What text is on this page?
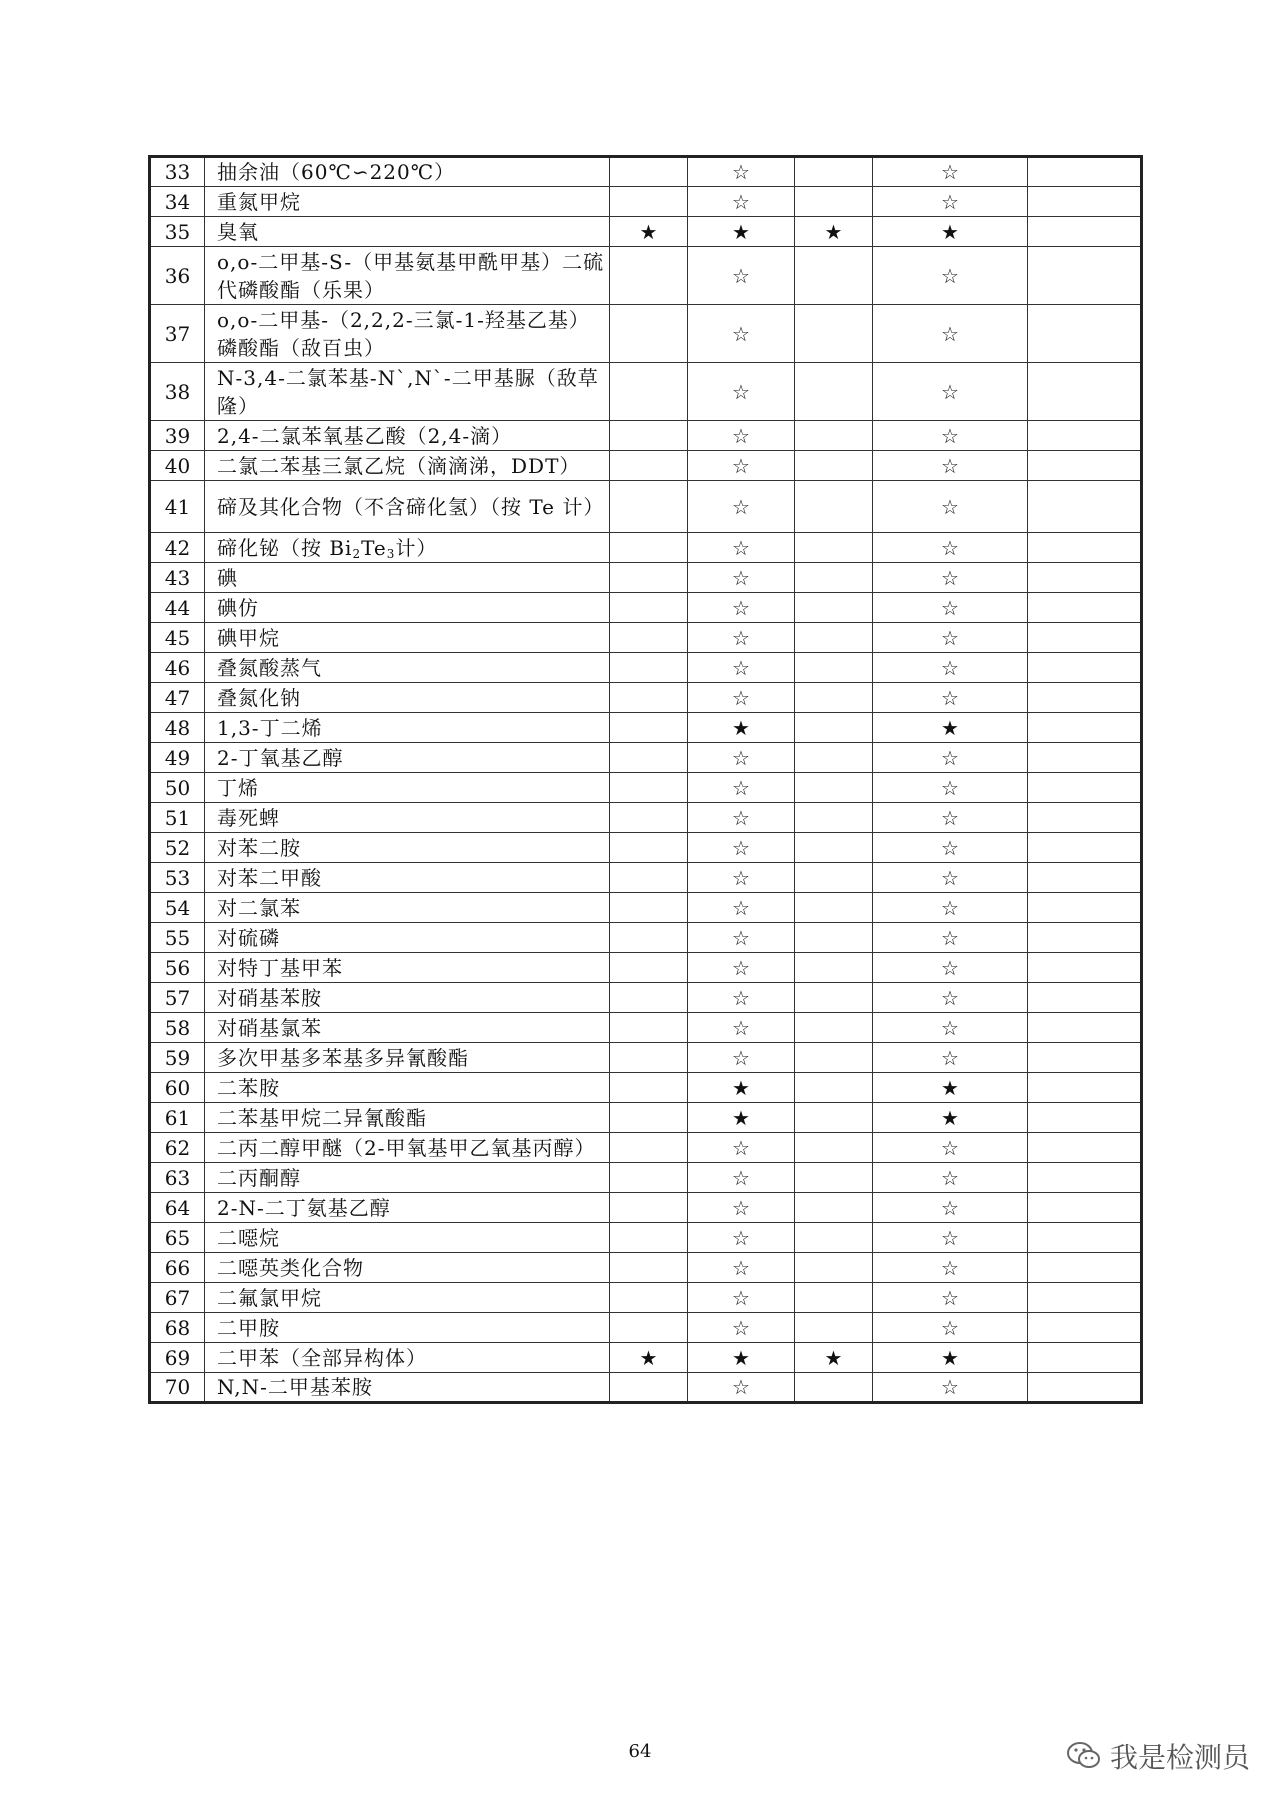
33	抽余油（60℃∽220℃）		☆		☆	
34	重氮甲烷		☆		☆	
35	臭氧	★	★	★	★	
36	o,o-二甲基-S-（甲基氨基甲酰甲基）二硫代磷酸酯（乐果）		☆		☆	
37	o,o-二甲基-（2,2,2-三氯-1-羟基乙基）磷酸酯（敌百虫）		☆		☆	
38	N-3,4-二氯苯基-N`,N`-二甲基脲（敌草隆）		☆		☆	
39	2,4-二氯苯氧基乙酸（2,4-滴）		☆		☆	
40	二氯二苯基三氯乙烷（滴滴涕，DDT）		☆		☆	
41	碲及其化合物（不含碲化氢）（按 Te 计）		☆		☆	
42	碲化铋（按 $Bi_2Te_3$计）		☆		☆	
43	碘		☆		☆	
44	碘仿		☆		☆	
45	碘甲烷		☆		☆	
46	叠氮酸蒸气		☆		☆	
47	叠氮化钠		☆		☆	
48	1,3-丁二烯		★		★	
49	2-丁氧基乙醇		☆		☆	
50	丁烯		☆		☆	
51	毒死蜱		☆		☆	
52	对苯二胺		☆		☆	
53	对苯二甲酸		☆		☆	
54	对二氯苯		☆		☆	
55	对硫磷		☆		☆	
56	对特丁基甲苯		☆		☆	
57	对硝基苯胺		☆		☆	
58	对硝基氯苯		☆		☆	
59	多次甲基多苯基多异氰酸酯		☆		☆	
60	二苯胺		★		★	
61	二苯基甲烷二异氰酸酯		★		★	
62	二丙二醇甲醚（2-甲氧基甲乙氧基丙醇）		☆		☆	
63	二丙酮醇		☆		☆	
64	2-N-二丁氨基乙醇		☆		☆	
65	二噁烷		☆		☆	
66	二噁英类化合物		☆		☆	
67	二氟氯甲烷		☆		☆	
68	二甲胺		☆		☆	
69	二甲苯（全部异构体）	★	★	★	★	
70	N,N-二甲基苯胺		☆		☆	
64	我是检测员
